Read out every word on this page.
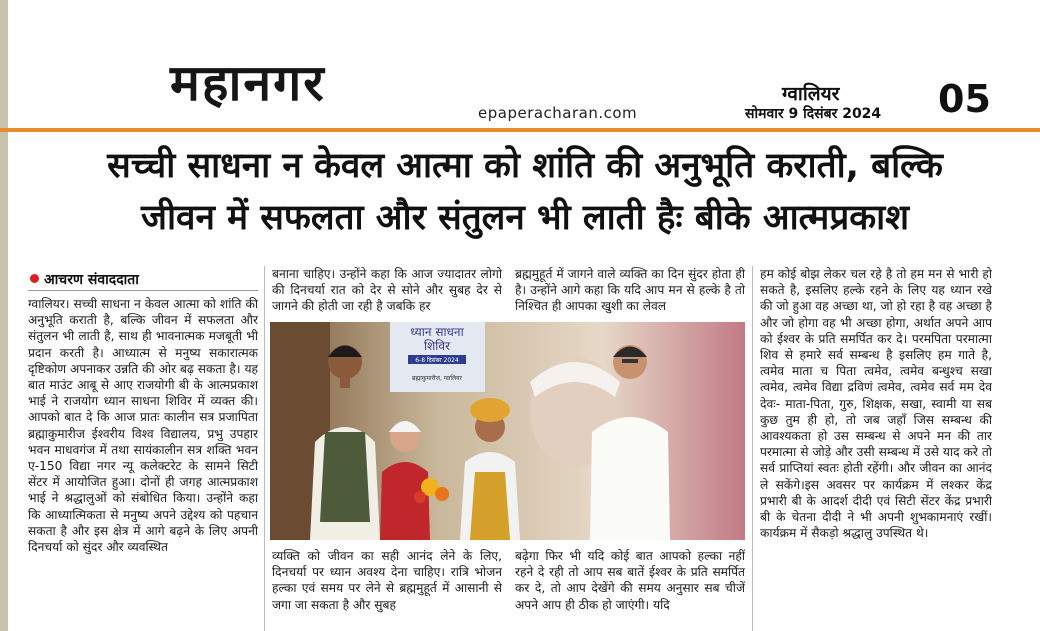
महानगर
epaperacharan.com
ग्वालियर
सोमवार 9 दिसंबर 2024 05
सच्ची साधना न केवल आत्मा को शांति की अनुभूति कराती, बल्कि
जीवन में सफलता और संतुलन भी लाती हैः बीके आत्मप्रकाश
आचरण संवाददाता
ग्वालियर। सच्ची साधना न केवल आत्मा को शांति की अनुभूति कराती है, बल्कि जीवन में सफलता और संतुलन भी लाती है, साथ ही भावनात्मक मजबूती भी प्रदान करती है। आध्यात्म से मनुष्य सकारात्मक दृष्टिकोण अपनाकर उन्नति की ओर बढ़ सकता है। यह बात माउंट आबू से आए राजयोगी बी के आत्मप्रकाश भाई ने राजयोग ध्यान साधना शिविर में व्यक्त की। आपको बात दे कि आज प्रातः कालीन सत्र प्रजापिता ब्रह्माकुमारीज ईश्वरीय विश्व विद्यालय, प्रभु उपहार भवन माधवगंज में तथा सायंकालीन सत्र शक्ति भवन ए-150 विद्या नगर न्यू कलेक्टरेट के सामने सिटी सेंटर में आयोजित हुआ। दोनों ही जगह आत्मप्रकाश भाई ने श्रद्धालुओं को संबोधित किया। उन्होंने कहा कि आध्यात्मिकता से मनुष्य अपने उद्देश्य को पहचान सकता है और इस क्षेत्र में आगे बढ़ने के लिए अपनी दिनचर्या को सुंदर और व्यवस्थित
बनाना चाहिए। उन्होंने कहा कि आज ज्यादातर लोगो की दिनचर्या रात को देर से सोने और सुबह देर से जागने की होती जा रही है जबकि हर
ब्रह्ममुहूर्त में जागने वाले व्यक्ति का दिन सुंदर होता ही है। उन्होंने आगे कहा कि यदि आप मन से हल्के है तो निश्चित ही आपका खुशी का लेवल
व्यक्ति को जीवन का सही आनंद लेने के लिए, दिनचर्या पर ध्यान अवश्य देना चाहिए। रात्रि भोजन हल्का एवं समय पर लेने से ब्रह्ममुहूर्त में आसानी से जगा जा सकता है और सुबह
बढ़ेगा फिर भी यदि कोई बात आपको हल्का नहीं रहने दे रही तो आप सब बातें ईश्वर के प्रति समर्पित कर दे, तो आप देखेंगे की समय अनुसार सब चीजें अपने आप ही ठीक हो जाएंगी। यदि
हम कोई बोझ लेकर चल रहे है तो हम मन से भारी हो सकते है, इसलिए हल्के रहने के लिए यह ध्यान रखे की जो हुआ वह अच्छा था, जो हो रहा है वह अच्छा है और जो होगा वह भी अच्छा होगा, अर्थात अपने आप को ईश्वर के प्रति समर्पित कर दे। परमपिता परमात्मा शिव से हमारे सर्व सम्बन्ध है इसलिए हम गाते है, त्वमेव माता च पिता त्वमेव, त्वमेव बन्धुश्च सखा त्वमेव, त्वमेव विद्या द्रविणं त्वमेव, त्वमेव सर्व मम देव देवः- माता-पिता, गुरु, शिक्षक, सखा, स्वामी या सब कुछ तुम ही हो, तो जब जहाँ जिस सम्बन्ध की आवश्यकता हो उस सम्बन्ध से अपने मन की तार परमात्मा से जोड़े और उसी सम्बन्ध में उसे याद करे तो सर्व प्राप्तियां स्वतः होती रहेंगी। और जीवन का आनंद ले सकेंगे।इस अवसर पर कार्यक्रम में लश्कर केंद्र प्रभारी बी के आदर्श दीदी एवं सिटी सेंटर केंद्र प्रभारी बी के चेतना दीदी ने भी अपनी शुभकामनाएं रखीं। कार्यक्रम में सैकड़ो श्रद्धालु उपस्थित थे।
ध्यान साधना
शिविर
6-8 दिसंबर 2024
ब्रह्माकुमारीज, ग्वालियर
